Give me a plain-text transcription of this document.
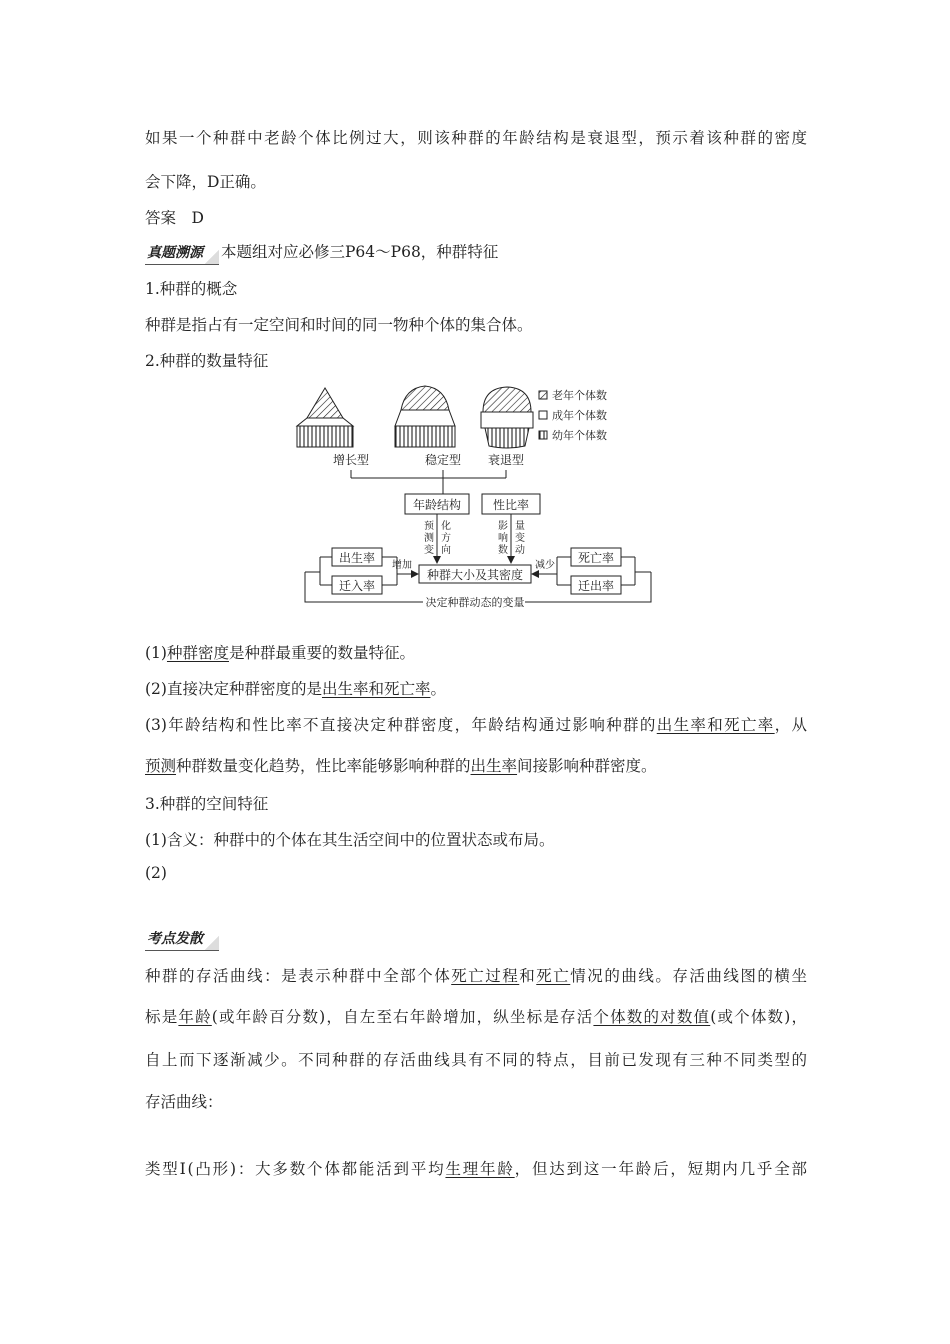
如果一个种群中老龄个体比例过大，则该种群的年龄结构是衰退型，预示着该种群的密度
会下降，D正确。
答案　D
真题溯源 本题组对应必修三P64～P68，种群特征
1.种群的概念
种群是指占有一定空间和时间的同一物种个体的集合体。
2.种群的数量特征
老年个体数
成年个体数
幼年个体数
增长型	稳定型 衰退型
年龄结构	性比率
预
测
变
化
方
向
影
响
数
量
变
动
种群大小及其密度
出生率
迁入率
增加
死亡率
迁出率
减少
决定种群动态的变量
(1)种群密度是种群最重要的数量特征。
(2)直接决定种群密度的是出生率和死亡率。
(3)年龄结构和性比率不直接决定种群密度，年龄结构通过影响种群的出生率和死亡率，从
预测种群数量变化趋势，性比率能够影响种群的出生率间接影响种群密度。
3.种群的空间特征
(1)含义：种群中的个体在其生活空间中的位置状态或布局。
(2)
考点发散
种群的存活曲线：是表示种群中全部个体死亡过程和死亡情况的曲线。存活曲线图的横坐
标是年龄(或年龄百分数)，自左至右年龄增加，纵坐标是存活个体数的对数值(或个体数)，
自上而下逐渐减少。不同种群的存活曲线具有不同的特点，目前已发现有三种不同类型的
存活曲线：
类型Ⅰ(凸形)：大多数个体都能活到平均生理年龄，但达到这一年龄后，短期内几乎全部
